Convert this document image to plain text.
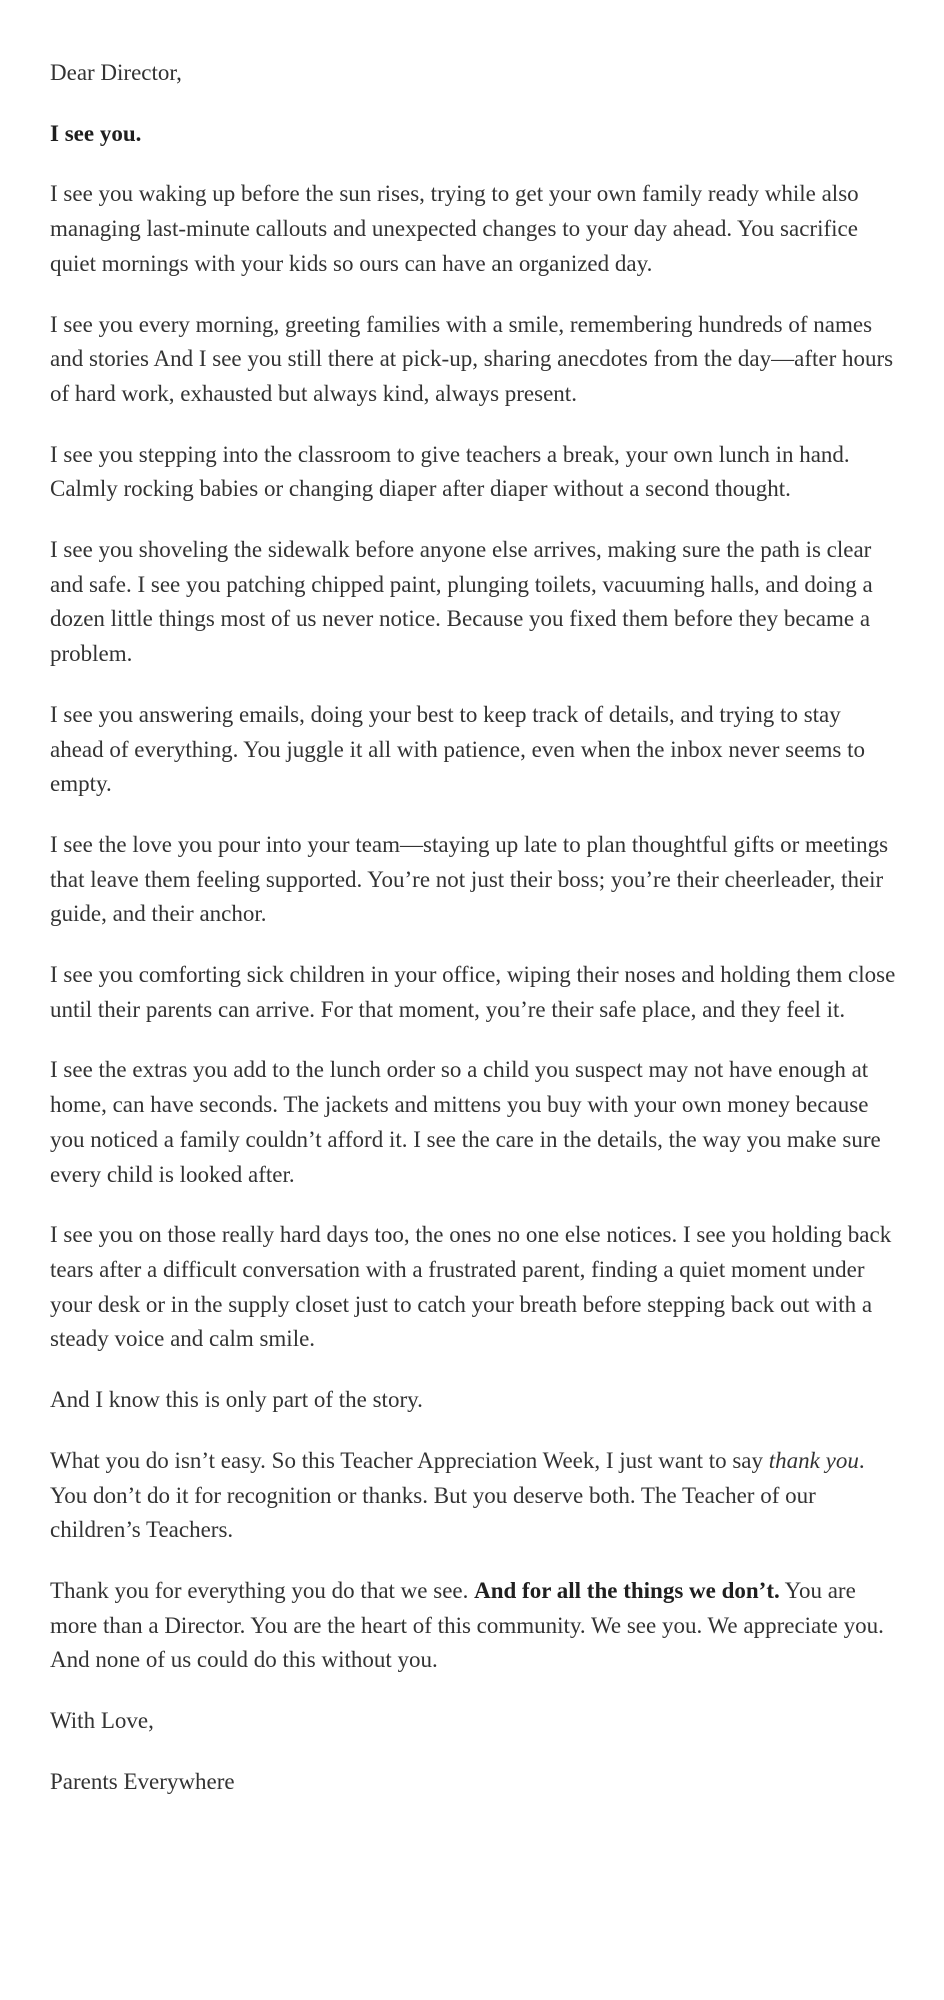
Dear Director,

I see you.

I see you waking up before the sun rises, trying to get your own family ready while also managing last-minute callouts and unexpected changes to your day ahead. You sacrifice quiet mornings with your kids so ours can have an organized day.

I see you every morning, greeting families with a smile, remembering hundreds of names and stories And I see you still there at pick-up, sharing anecdotes from the day—after hours of hard work, exhausted but always kind, always present.

I see you stepping into the classroom to give teachers a break, your own lunch in hand. Calmly rocking babies or changing diaper after diaper without a second thought.

I see you shoveling the sidewalk before anyone else arrives, making sure the path is clear and safe. I see you patching chipped paint, plunging toilets, vacuuming halls, and doing a dozen little things most of us never notice. Because you fixed them before they became a problem.

I see you answering emails, doing your best to keep track of details, and trying to stay ahead of everything. You juggle it all with patience, even when the inbox never seems to empty.

I see the love you pour into your team—staying up late to plan thoughtful gifts or meetings that leave them feeling supported. You’re not just their boss; you’re their cheerleader, their guide, and their anchor.

I see you comforting sick children in your office, wiping their noses and holding them close until their parents can arrive. For that moment, you’re their safe place, and they feel it.

I see the extras you add to the lunch order so a child you suspect may not have enough at home, can have seconds. The jackets and mittens you buy with your own money because you noticed a family couldn’t afford it. I see the care in the details, the way you make sure every child is looked after.

I see you on those really hard days too, the ones no one else notices. I see you holding back tears after a difficult conversation with a frustrated parent, finding a quiet moment under your desk or in the supply closet just to catch your breath before stepping back out with a steady voice and calm smile.

And I know this is only part of the story.

What you do isn’t easy. So this Teacher Appreciation Week, I just want to say thank you. You don’t do it for recognition or thanks. But you deserve both. The Teacher of our children’s Teachers.

Thank you for everything you do that we see. And for all the things we don’t. You are more than a Director. You are the heart of this community. We see you. We appreciate you. And none of us could do this without you.

With Love,

Parents Everywhere
